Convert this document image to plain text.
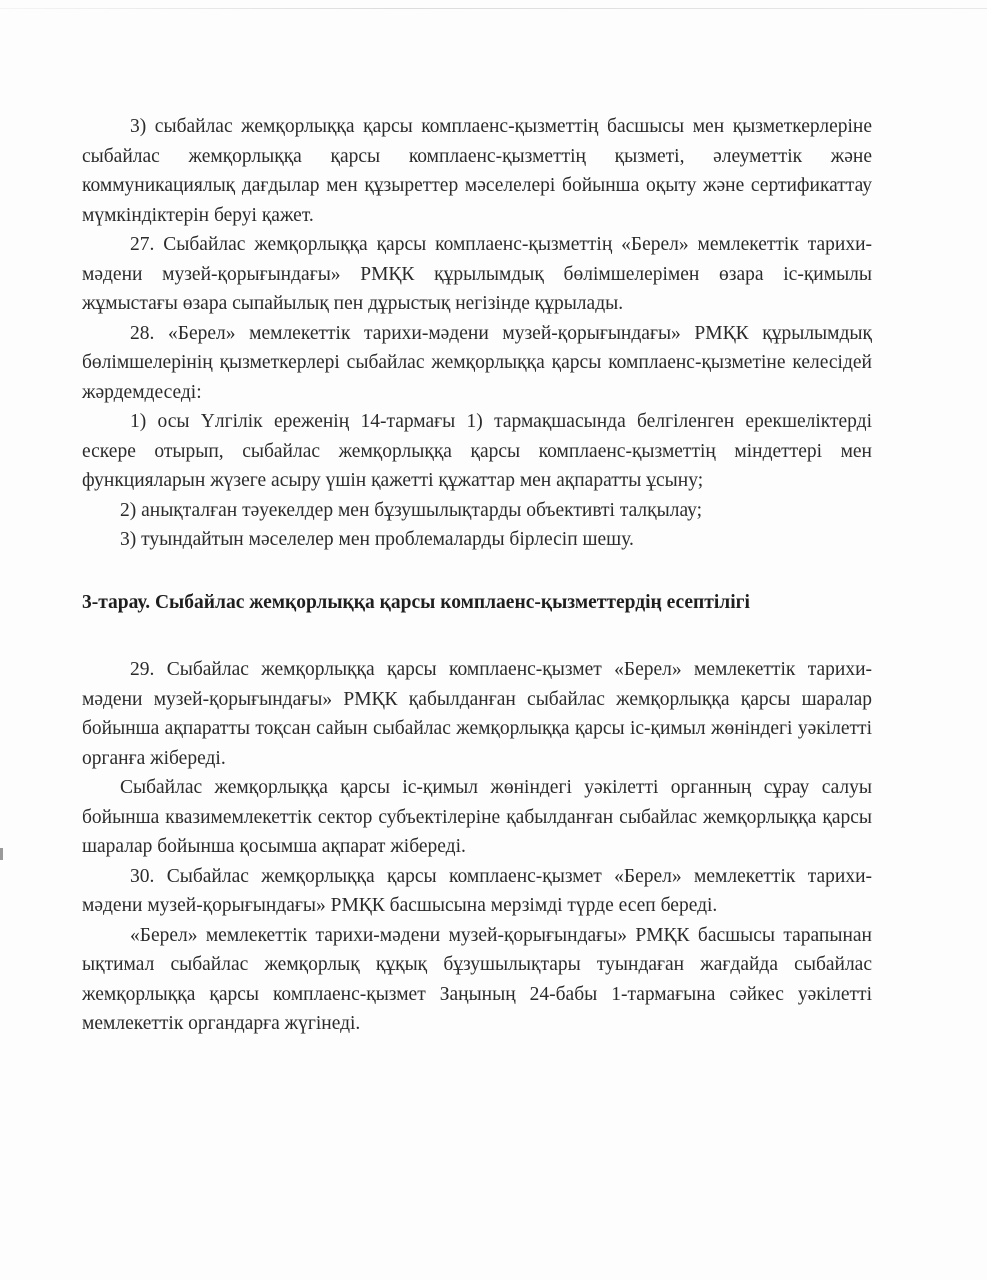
3) сыбайлас жемқорлыққа қарсы комплаенс-қызметтің басшысы мен қызметкерлеріне сыбайлас жемқорлыққа қарсы комплаенс-қызметтің қызметі, әлеуметтік және коммуникациялық дағдылар мен құзыреттер мәселелері бойынша оқыту және сертификаттау мүмкіндіктерін беруі қажет.

27. Сыбайлас жемқорлыққа қарсы комплаенс-қызметтің «Берел» мемлекеттік тарихи-мәдени музей-қорығындағы» РМҚК құрылымдық бөлімшелерімен өзара іс-қимылы жұмыстағы өзара сыпайылық пен дұрыстық негізінде құрылады.

28. «Берел» мемлекеттік тарихи-мәдени музей-қорығындағы» РМҚК құрылымдық бөлімшелерінің қызметкерлері сыбайлас жемқорлыққа қарсы комплаенс-қызметіне келесідей жәрдемдеседі:

1) осы Үлгілік ереженің 14-тармағы 1) тармақшасында белгіленген ерекшеліктерді ескере отырып, сыбайлас жемқорлыққа қарсы комплаенс-қызметтің міндеттері мен функцияларын жүзеге асыру үшін қажетті құжаттар мен ақпаратты ұсыну;

2) анықталған тәуекелдер мен бұзушылықтарды объективті талқылау;

3) туындайтын мәселелер мен проблемаларды бірлесіп шешу.

3-тарау. Сыбайлас жемқорлыққа қарсы комплаенс-қызметтердің есептілігі

29. Сыбайлас жемқорлыққа қарсы комплаенс-қызмет «Берел» мемлекеттік тарихи-мәдени музей-қорығындағы» РМҚК қабылданған сыбайлас жемқорлыққа қарсы шаралар бойынша ақпаратты тоқсан сайын сыбайлас жемқорлыққа қарсы іс-қимыл жөніндегі уәкілетті органға жібереді.

Сыбайлас жемқорлыққа қарсы іс-қимыл жөніндегі уәкілетті органның сұрау салуы бойынша квазимемлекеттік сектор субъектілеріне қабылданған сыбайлас жемқорлыққа қарсы шаралар бойынша қосымша ақпарат жібереді.

30. Сыбайлас жемқорлыққа қарсы комплаенс-қызмет «Берел» мемлекеттік тарихи-мәдени музей-қорығындағы» РМҚК басшысына мерзімді түрде есеп береді.

«Берел» мемлекеттік тарихи-мәдени музей-қорығындағы» РМҚК басшысы тарапынан ықтимал сыбайлас жемқорлық құқық бұзушылықтары туындаған жағдайда сыбайлас жемқорлыққа қарсы комплаенс-қызмет Заңының 24-бабы 1-тармағына сәйкес уәкілетті мемлекеттік органдарға жүгінеді.
